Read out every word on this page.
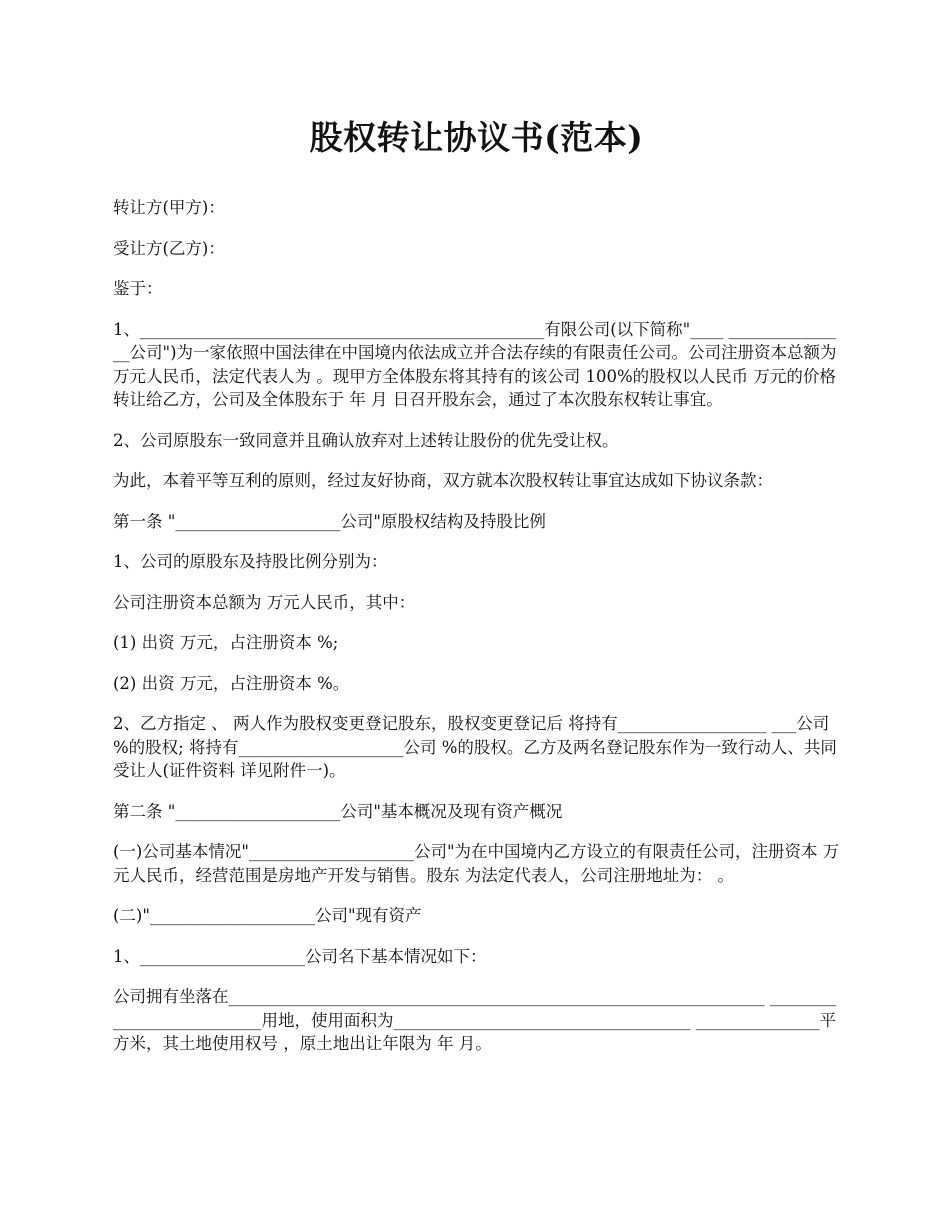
股权转让协议书(范本)

转让方(甲方)：

受让方(乙方)：

鉴于：

1、_________________________________________________有限公司(以下简称"____ _______________公司")为一家依照中国法律在中国境内依法成立并合法存续的有限责任公司。公司注册资本总额为 万元人民币，法定代表人为 。现甲方全体股东将其持有的该公司 100%的股权以人民币 万元的价格转让给乙方，公司及全体股东于 年 月 日召开股东会，通过了本次股东权转让事宜。

2、公司原股东一致同意并且确认放弃对上述转让股份的优先受让权。

为此，本着平等互利的原则，经过友好协商，双方就本次股权转让事宜达成如下协议条款：

第一条 "____________________公司"原股权结构及持股比例

1、公司的原股东及持股比例分别为：

公司注册资本总额为 万元人民币，其中：

(1) 出资 万元，占注册资本 %;

(2) 出资 万元，占注册资本 %。

2、乙方指定 、 两人作为股权变更登记股东，股权变更登记后 将持有__________________ ___公司 %的股权; 将持有____________________公司 %的股权。乙方及两名登记股东作为一致行动人、共同受让人(证件资料 详见附件一)。

第二条 "____________________公司"基本概况及现有资产概况

(一)公司基本情况"____________________公司"为在中国境内乙方设立的有限责任公司，注册资本 万元人民币，经营范围是房地产开发与销售。股东 为法定代表人，公司注册地址为： 。

(二)"____________________公司"现有资产

1、____________________公司名下基本情况如下：

公司拥有坐落在_________________________________________________________________ __________________________用地，使用面积为____________________________________ _______________平方米，其土地使用权号 ，原土地出让年限为 年 月。
